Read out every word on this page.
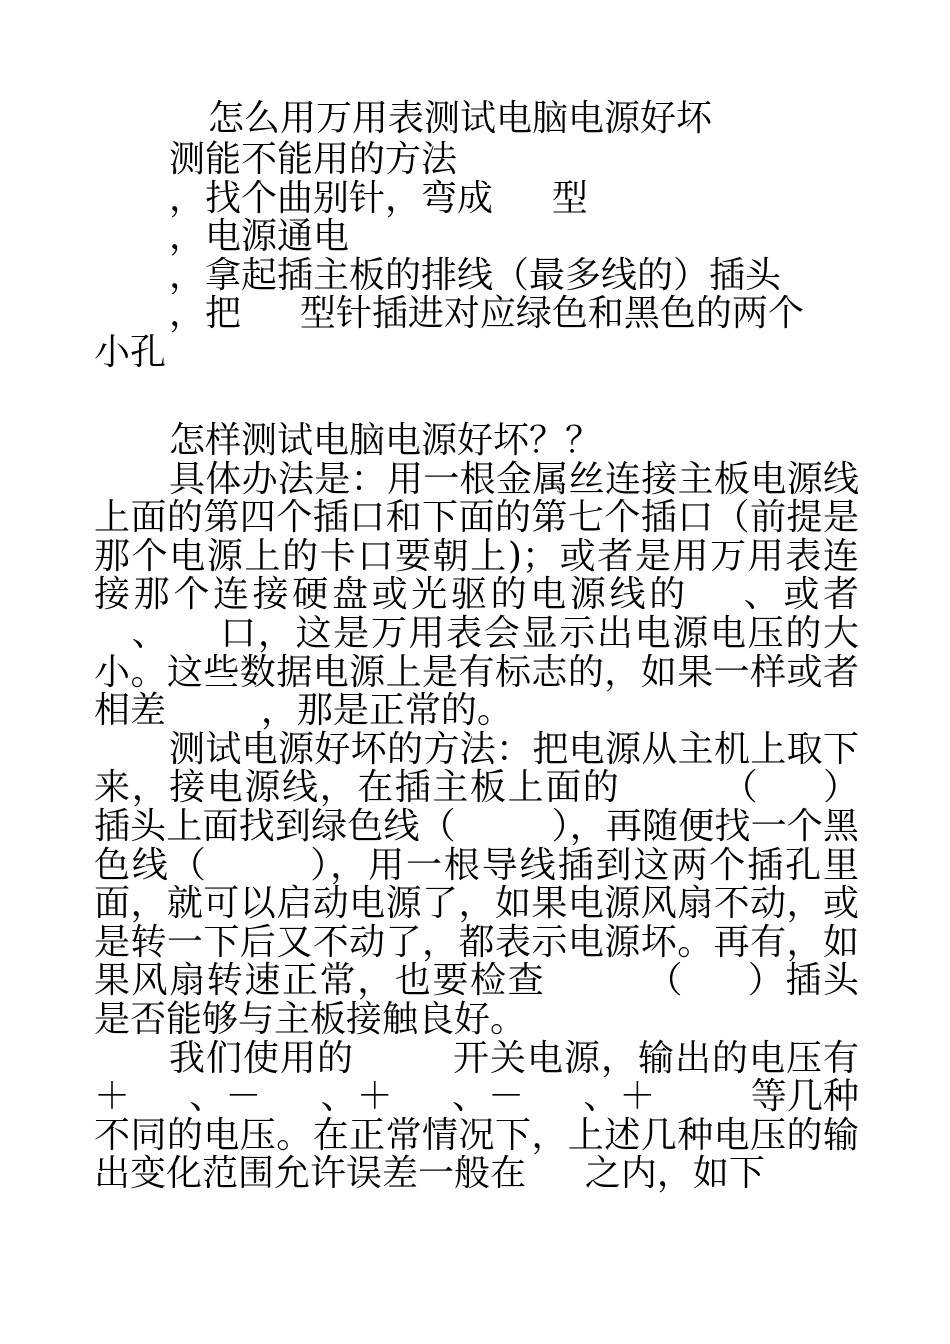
怎么用万用表测试电脑电源好坏

测能不能用的方法

，找个曲别针，弯成 　 型

，电源通电

，拿起插主板的排线（最多线的）插头

，把 　 型针插进对应绿色和黑色的两个

小孔

怎样测试电脑电源好坏？？

具体办法是：用一根金属丝连接主板电源线上面的第四个插口和下面的第七个插口（前提是那个电源上的卡口要朝上)；或者是用万用表连接那个连接硬盘或光驱的电源线的 　、或者 　、 　口，这是万用表会显示出电源电压的大小。这些数据电源上是有标志的，如果一样或者相差 　　 ，那是正常的。

测试电源好坏的方法：把电源从主机上取下来，接电源线，在插主板上面的 　　 （ 　 ）插头上面找到绿色线（ 　　 ），再随便找一个黑色线（ 　　 ），用一根导线插到这两个插孔里面，就可以启动电源了，如果电源风扇不动，或是转一下后又不动了，都表示电源坏。再有，如果风扇转速正常，也要检查 　　 （ 　 ）插头是否能够与主板接触良好。

我们使用的 　　 开关电源，输出的电压有＋ 　 、－ 　 、＋ 　 、－ 　 、＋ 　　 等几种不同的电压。在正常情况下，上述几种电压的输出变化范围允许误差一般在 　 之内，如下
